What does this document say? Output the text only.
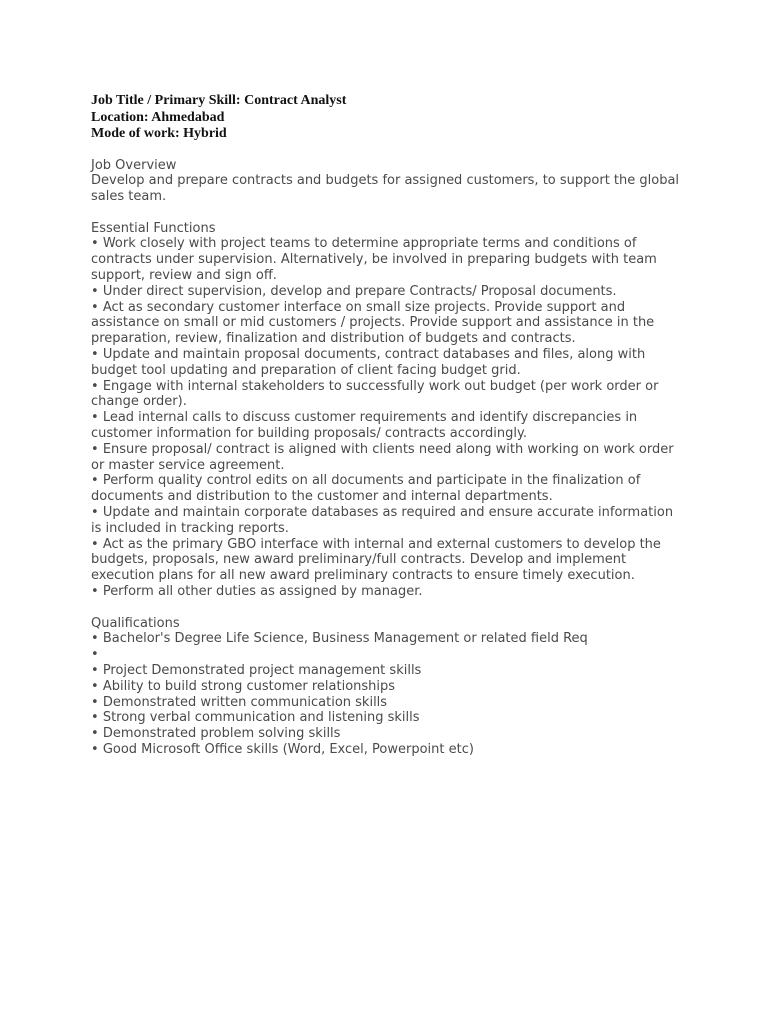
Job Title / Primary Skill: Contract Analyst
Location: Ahmedabad
Mode of work: Hybrid

Job Overview

Develop and prepare contracts and budgets for assigned customers, to support the global sales team.

Essential Functions

• Work closely with project teams to determine appropriate terms and conditions of contracts under supervision. Alternatively, be involved in preparing budgets with team support, review and sign off.
• Under direct supervision, develop and prepare Contracts/ Proposal documents.
• Act as secondary customer interface on small size projects. Provide support and assistance on small or mid customers / projects. Provide support and assistance in the preparation, review, finalization and distribution of budgets and contracts.
• Update and maintain proposal documents, contract databases and files, along with budget tool updating and preparation of client facing budget grid.
• Engage with internal stakeholders to successfully work out budget (per work order or change order).
• Lead internal calls to discuss customer requirements and identify discrepancies in customer information for building proposals/ contracts accordingly.
• Ensure proposal/ contract is aligned with clients need along with working on work order or master service agreement.
• Perform quality control edits on all documents and participate in the finalization of documents and distribution to the customer and internal departments.
• Update and maintain corporate databases as required and ensure accurate information is included in tracking reports.
• Act as the primary GBO interface with internal and external customers to develop the budgets, proposals, new award preliminary/full contracts. Develop and implement execution plans for all new award preliminary contracts to ensure timely execution.
• Perform all other duties as assigned by manager.

Qualifications

• Bachelor's Degree Life Science, Business Management or related field Req
•
• Project Demonstrated project management skills
• Ability to build strong customer relationships
• Demonstrated written communication skills
• Strong verbal communication and listening skills
• Demonstrated problem solving skills
• Good Microsoft Office skills (Word, Excel, Powerpoint etc)
